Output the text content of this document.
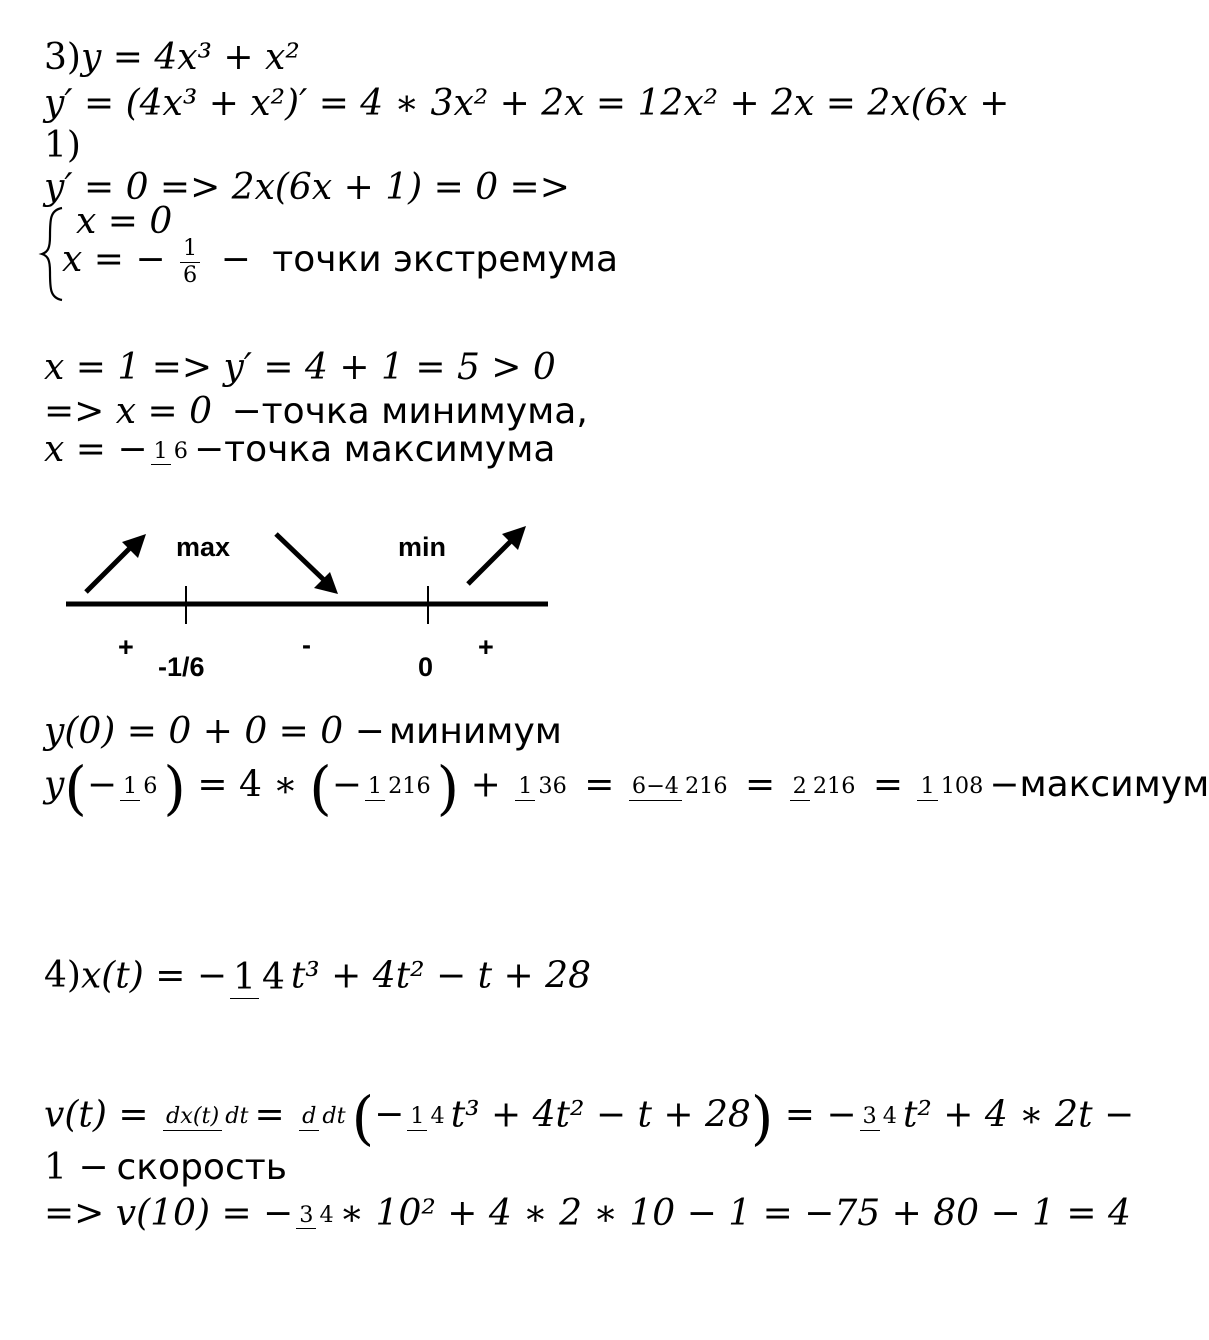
3)y = 4x³ + x²
y′ = (4x³ + x²)′ = 4 ∗ 3x² + 2x = 12x² + 2x = 2x(6x +
1)
y′ = 0 => 2x(6x + 1) = 0 =>
x = 0
x = − $\frac{1}{6}$ − точки экстремума
x = 1 => y′ = 4 + 1 = 5 > 0
=> x = 0 −точка минимума,
x = − 1 6 −точка максимума
max	min
-1/6	0
+	-	+
y(0) = 0 + 0 = 0 − минимум
y(− 1 6 ) = 4 ∗ (− 1 216 ) + 1 36 = 6−4 216 = 2 216 = 1 108 −максимум
4)x(t) = − 1 4 t³ + 4t² − t + 28
v(t) = dx(t) dt = d dt (− 1 4 t³ + 4t² − t + 28) = − 3 4 t² + 4 ∗ 2t −
1 − скорость
=> v(10) = − 3 4 ∗ 10² + 4 ∗ 2 ∗ 10 − 1 = −75 + 80 − 1 = 4
